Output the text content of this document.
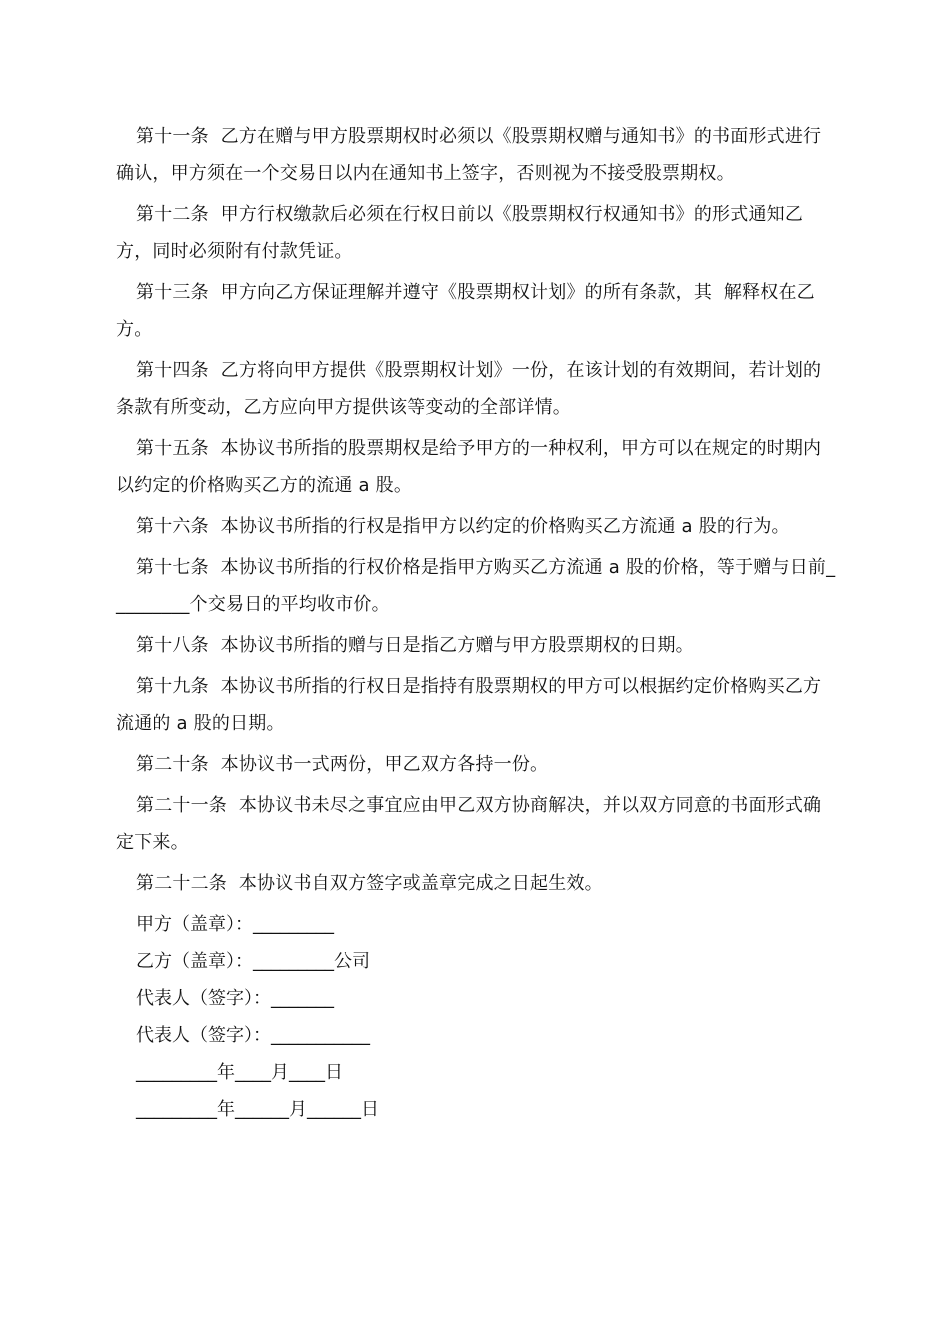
第十一条  乙方在赠与甲方股票期权时必须以《股票期权赠与通知书》的书面形式进行确认，甲方须在一个交易日以内在通知书上签字，否则视为不接受股票期权。

第十二条  甲方行权缴款后必须在行权日前以《股票期权行权通知书》的形式通知乙方，同时必须附有付款凭证。

第十三条  甲方向乙方保证理解并遵守《股票期权计划》的所有条款，其  解释权在乙方。

第十四条  乙方将向甲方提供《股票期权计划》一份，在该计划的有效期间，若计划的条款有所变动，乙方应向甲方提供该等变动的全部详情。

第十五条  本协议书所指的股票期权是给予甲方的一种权利，甲方可以在规定的时期内以约定的价格购买乙方的流通 a 股。

第十六条  本协议书所指的行权是指甲方以约定的价格购买乙方流通 a 股的行为。

第十七条  本协议书所指的行权价格是指甲方购买乙方流通 a 股的价格，等于赠与日前_________个交易日的平均收市价。

第十八条  本协议书所指的赠与日是指乙方赠与甲方股票期权的日期。

第十九条  本协议书所指的行权日是指持有股票期权的甲方可以根据约定价格购买乙方流通的 a 股的日期。

第二十条  本协议书一式两份，甲乙双方各持一份。

第二十一条  本协议书未尽之事宜应由甲乙双方协商解决，并以双方同意的书面形式确定下来。

第二十二条  本协议书自双方签字或盖章完成之日起生效。

甲方（盖章）：_________

乙方（盖章）：_________公司

代表人（签字）：_______

代表人（签字）：___________

_________年____月____日

_________年______月______日
